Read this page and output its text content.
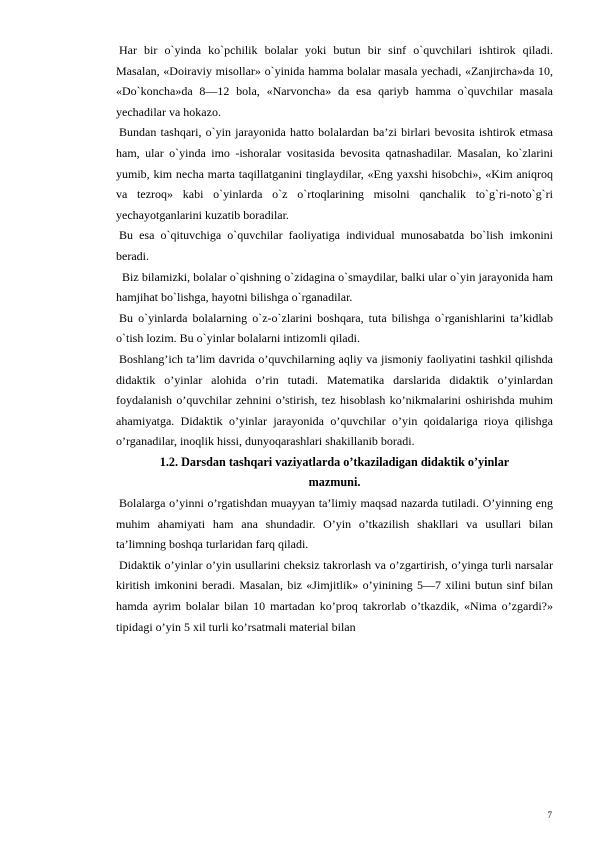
Har bir o`yinda ko`pchilik bolalar yoki butun bir sinf o`quvchilari ishtirok qiladi. Masalan, «Doiraviy misollar» o`yinida hamma bolalar masala yechadi, «Zanjircha»da 10, «Do`koncha»da 8—12 bola, «Narvoncha» da esa qariyb hamma o`quvchilar masala yechadilar va hokazo.

Bundan tashqari, o`yin jarayonida hatto bolalardan ba’zi birlari bevosita ishtirok etmasa ham, ular o`yinda imo -ishoralar vositasida bevosita qatnashadilar. Masalan, ko`zlarini yumib, kim necha marta taqillatganini tinglaydilar, «Eng yaxshi hisobchi», «Kim aniqroq va tezroq» kabi o`yinlarda o`z o`rtoqlarining misolni qanchalik to`g`ri-noto`g`ri yechayotganlarini kuzatib boradilar.

Bu esa o`qituvchiga o`quvchilar faoliyatiga individual munosabatda bo`lish imkonini beradi.

Biz bilamizki, bolalar o`qishning o`zidagina o`smaydilar, balki ular o`yin jarayonida ham hamjihat bo`lishga, hayotni bilishga o`rganadilar.

Bu o`yinlarda bolalarning o`z-o`zlarini boshqara, tuta bilishga o`rganishlarini ta’kidlab o`tish lozim. Bu o`yinlar bolalarni intizomli qiladi.

Boshlang’ich ta’lim davrida o’quvchilarning aqliy va jismoniy faoliyatini tashkil qilishda didaktik o’yinlar alohida o’rin tutadi. Matematika darslarida didaktik o’yinlardan foydalanish o’quvchilar zehnini o’stirish, tez hisoblash ko’nikmalarini oshirishda muhim ahamiyatga. Didaktik o’yinlar jarayonida o’quvchilar o’yin qoidalariga rioya qilishga o’rganadilar, inoqlik hissi, dunyoqarashlari shakillanib boradi.

1.2. Darsdan tashqari vaziyatlarda o’tkaziladigan didaktik o’yinlar
mazmuni.

Bolalarga o’yinni o’rgatishdan muayyan ta’limiy maqsad nazarda tutiladi. O’yinning eng muhim ahamiyati ham ana shundadir. O’yin o’tkazilish shakllari va usullari bilan ta’limning boshqa turlaridan farq qiladi.

Didaktik o’yinlar o’yin usullarini cheksiz takrorlash va o’zgartirish, o’yinga turli narsalar kiritish imkonini beradi. Masalan, biz «Jimjitlik» o’yinining 5—7 xilini butun sinf bilan hamda ayrim bolalar bilan 10 martadan ko’proq takrorlab o’tkazdik, «Nima o’zgardi?» tipidagi o’yin 5 xil turli ko’rsatmali material bilan

7
